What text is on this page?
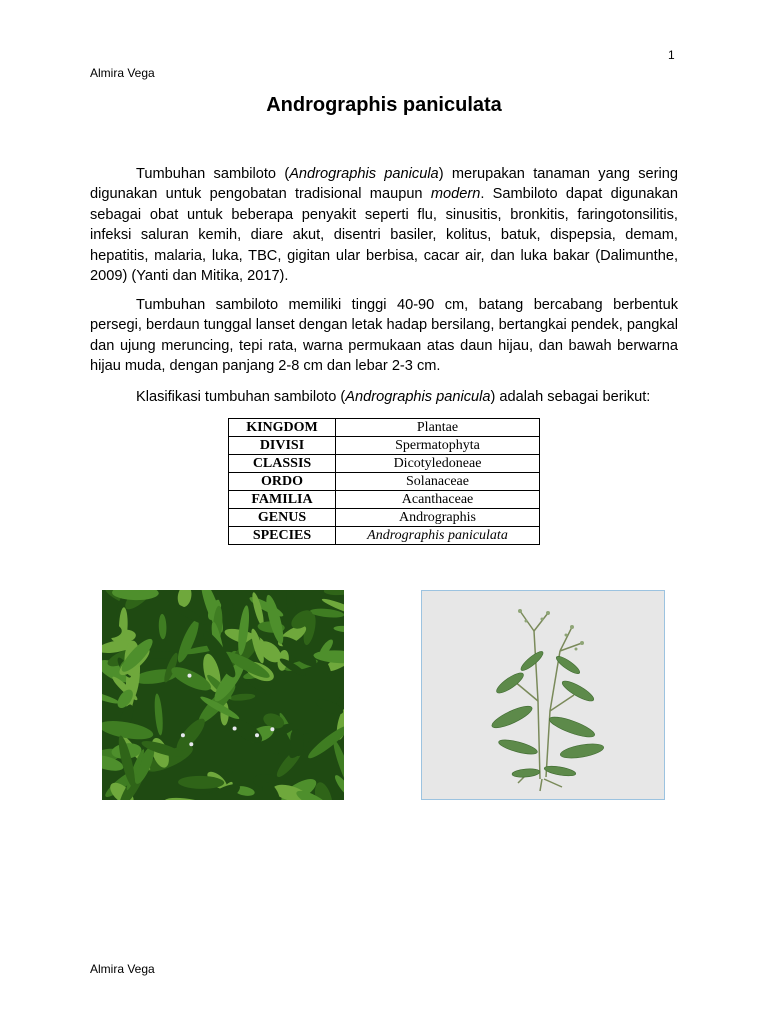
1
Almira Vega
Andrographis paniculata

Tumbuhan sambiloto (Andrographis panicula) merupakan tanaman yang sering digunakan untuk pengobatan tradisional maupun modern. Sambiloto dapat digunakan sebagai obat untuk beberapa penyakit seperti flu, sinusitis, bronkitis, faringotonsilitis, infeksi saluran kemih, diare akut, disentri basiler, kolitus, batuk, dispepsia, demam, hepatitis, malaria, luka, TBC, gigitan ular berbisa, cacar air, dan luka bakar (Dalimunthe, 2009) (Yanti dan Mitika, 2017).

Tumbuhan sambiloto memiliki tinggi 40-90 cm, batang bercabang berbentuk persegi, berdaun tunggal lanset dengan letak hadap bersilang, bertangkai pendek, pangkal dan ujung meruncing, tepi rata, warna permukaan atas daun hijau, dan bawah berwarna hijau muda, dengan panjang 2-8 cm dan lebar 2-3 cm.

Klasifikasi tumbuhan sambiloto (Andrographis panicula) adalah sebagai berikut:

KINGDOM	Plantae
DIVISI	Spermatophyta
CLASSIS	Dicotyledoneae
ORDO	Solanaceae
FAMILIA	Acanthaceae
GENUS	Andrographis
SPECIES	Andrographis paniculata
Almira Vega
